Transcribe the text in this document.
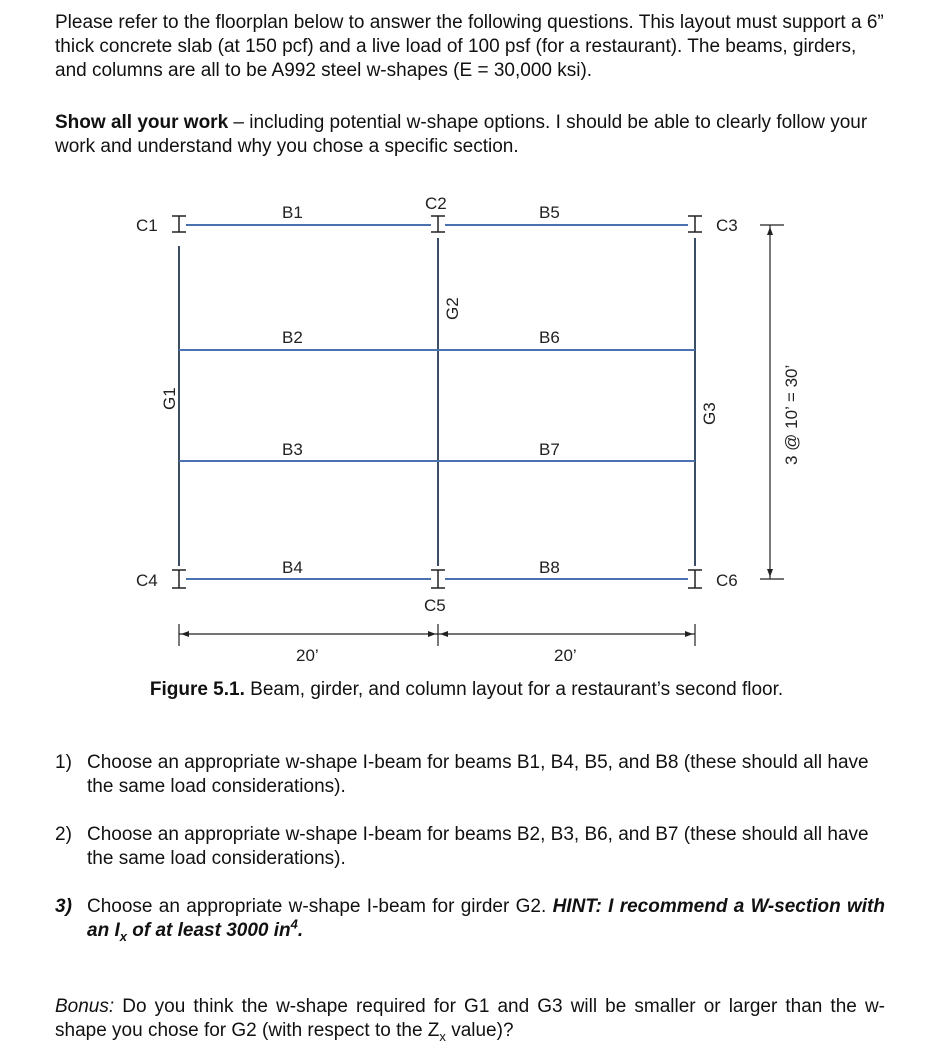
Please refer to the floorplan below to answer the following questions. This layout must support a 6” thick concrete slab (at 150 pcf) and a live load of 100 psf (for a restaurant). The beams, girders, and columns are all to be A992 steel w-shapes (E = 30,000 ksi).

Show all your work – including potential w-shape options. I should be able to clearly follow your work and understand why you chose a specific section.

C1
C2
C3
C4
C5
C6
B1	B5
B2	B6
B3	B7
B4	B8
G1
G2
G3
20’	20’
3 @ 10’ = 30’
Figure 5.1. Beam, girder, and column layout for a restaurant’s second floor.
1) Choose an appropriate w-shape I-beam for beams B1, B4, B5, and B8 (these should all have the same load considerations).
2) Choose an appropriate w-shape I-beam for beams B2, B3, B6, and B7 (these should all have the same load considerations).
3) Choose an appropriate w-shape I-beam for girder G2. HINT: I recommend a W-section with an $I_x$ of at least 3000 $in^4$.
Bonus: Do you think the w-shape required for G1 and G3 will be smaller or larger than the w-shape you chose for G2 (with respect to the $Z_x$ value)?
